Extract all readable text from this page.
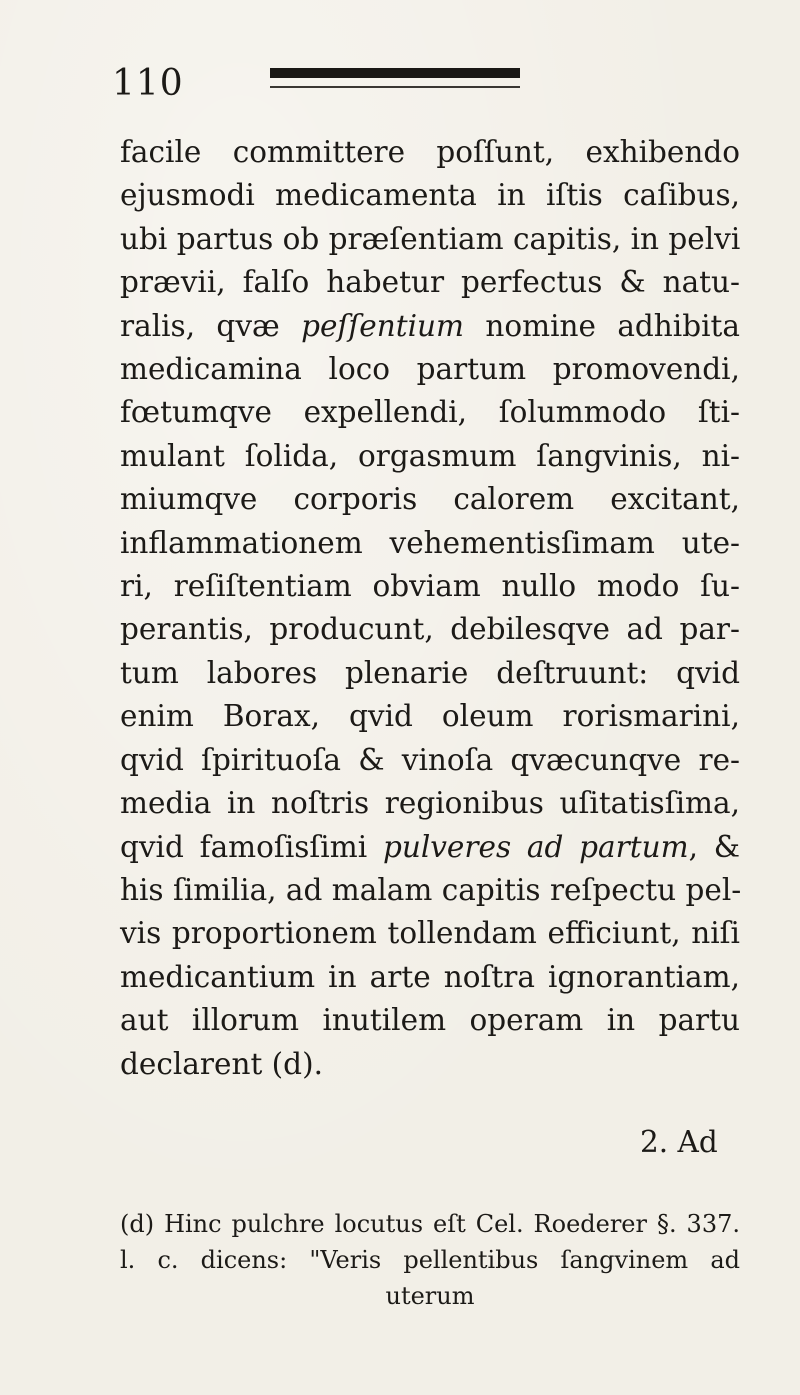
110
facile committere poſſunt, exhibendo
ejusmodi medicamenta in iſtis caſibus,
ubi partus ob præſentiam capitis, in pelvi
prævii, falſo habetur perfectus & natu-
ralis, qvæ peſſentium nomine adhibita
medicamina loco partum promovendi,
fœtumqve expellendi, ſolummodo ſti-
mulant ſolida, orgasmum ſangvinis, ni-
miumqve corporis calorem excitant,
inflammationem vehementisſimam ute-
ri, reſiſtentiam obviam nullo modo ſu-
perantis, producunt, debilesqve ad par-
tum labores plenarie deſtruunt: qvid
enim Borax, qvid oleum rorismarini,
qvid ſpirituoſa & vinoſa qvæcunqve re-
media in noſtris regionibus uſitatisſima,
qvid famoſisſimi pulveres ad partum, &
his ſimilia, ad malam capitis reſpectu pel-
vis proportionem tollendam efficiunt, niſi
medicantium in arte noſtra ignorantiam,
aut illorum inutilem operam in partu
declarent (d).
2. Ad
(d) Hinc pulchre locutus eſt Cel. Roederer §. 337.
l. c. dicens: "Veris pellentibus ſangvinem ad
uterum
